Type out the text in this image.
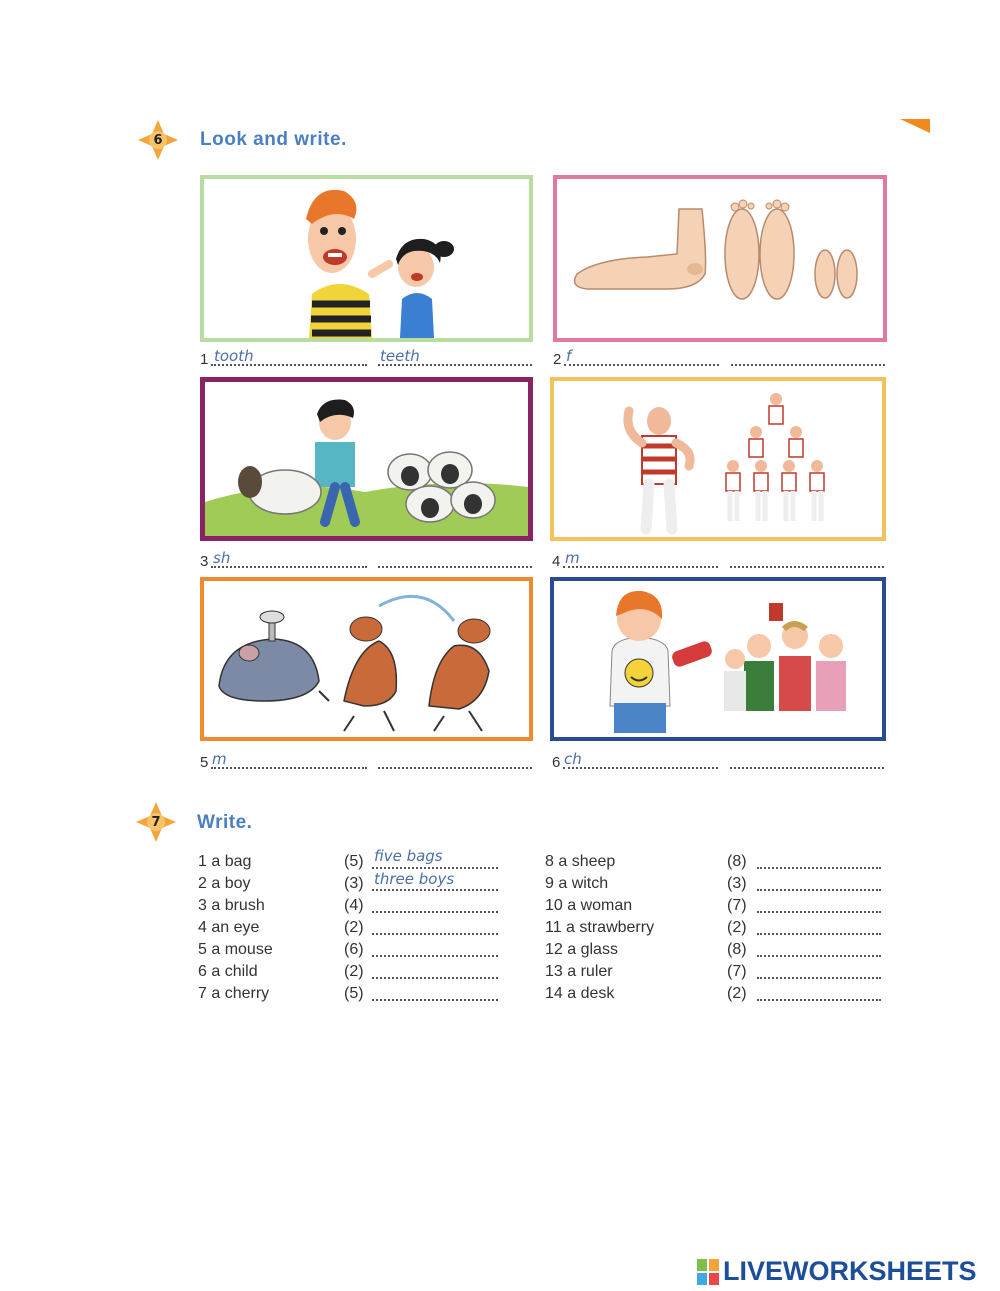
6	Look and write.
1 tooth	teeth	2 f
3 sh	4 m
5 m	6 ch
7	Write.
1 a bag	(5) five bags
2 a boy	(3) three boys
3 a brush	(4)
4 an eye	(2)
5 a mouse	(6)
6 a child	(2)
7 a cherry	(5)
8 a sheep	(8)
9 a witch	(3)
10 a woman	(7)
11 a strawberry	(2)
12 a glass	(8)
13 a ruler	(7)
14 a desk	(2)
LIVEWORKSHEETS
